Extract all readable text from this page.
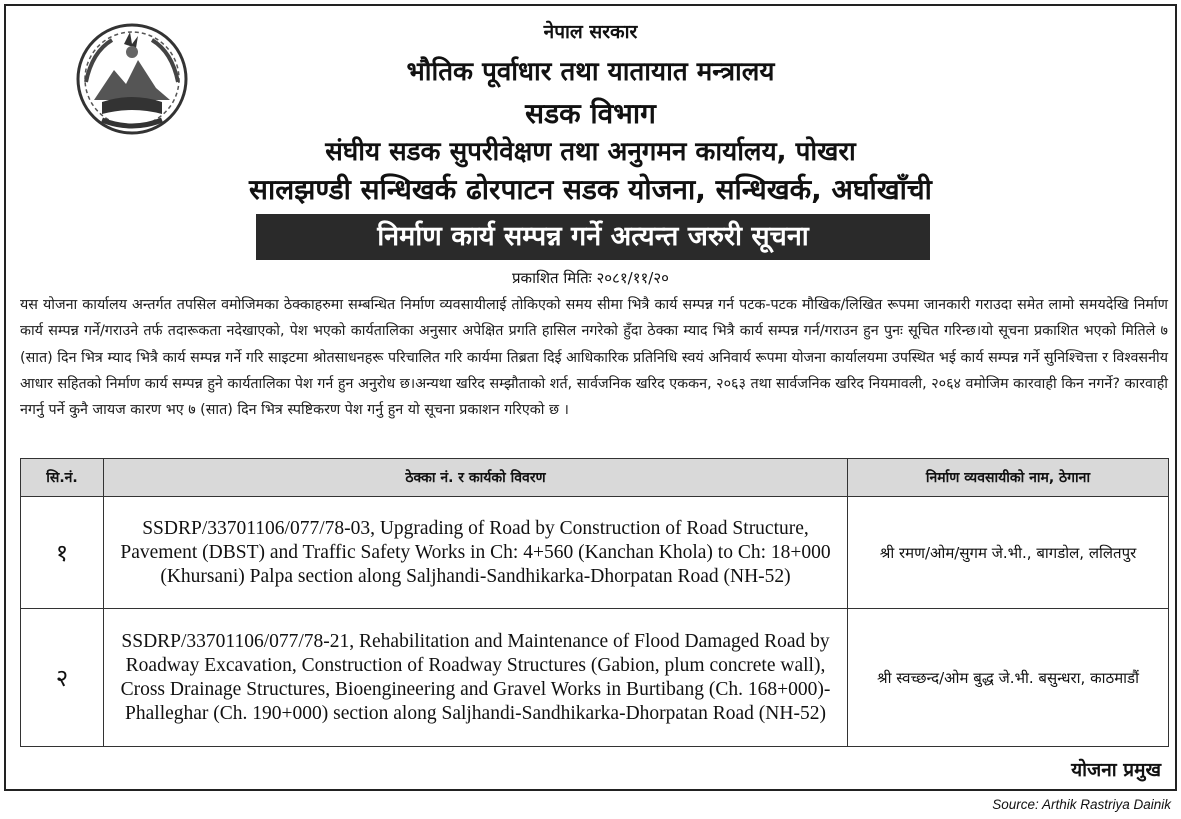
नेपाल सरकार
भौतिक पूर्वाधार तथा यातायात मन्त्रालय
सडक विभाग
संघीय सडक सुपरीवेक्षण तथा अनुगमन कार्यालय, पोखरा
सालझण्डी सन्धिखर्क ढोरपाटन सडक योजना, सन्धिखर्क, अर्घाखाँची
निर्माण कार्य सम्पन्न गर्ने अत्यन्त जरुरी सूचना
प्रकाशित मितिः २०८१/११/२०
यस योजना कार्यालय अन्तर्गत तपसिल वमोजिमका ठेक्काहरुमा सम्बन्धित निर्माण व्यवसायीलाई तोकिएको समय सीमा भित्रै कार्य सम्पन्न गर्न पटक-पटक मौखिक/लिखित रूपमा जानकारी गराउदा समेत लामो समयदेखि निर्माण कार्य सम्पन्न गर्ने/गराउने तर्फ तदारूकता नदेखाएको, पेश भएको कार्यतालिका अनुसार अपेक्षित प्रगति हासिल नगरेको हुँदा ठेक्का म्याद भित्रै कार्य सम्पन्न गर्न/गराउन हुन पुनः सूचित गरिन्छ।यो सूचना प्रकाशित भएको मितिले ७ (सात) दिन भित्र म्याद भित्रै कार्य सम्पन्न गर्ने गरि साइटमा श्रोतसाधनहरू परिचालित गरि कार्यमा तिब्रता दिई आधिकारिक प्रतिनिधि स्वयं अनिवार्य रूपमा योजना कार्यालयमा उपस्थित भई कार्य सम्पन्न गर्ने सुनिश्चित्ता र विश्वसनीय आधार सहितको निर्माण कार्य सम्पन्न हुने कार्यतालिका पेश गर्न हुन अनुरोध छ।अन्यथा खरिद सम्झौताको शर्त, सार्वजनिक खरिद एककन, २०६३ तथा सार्वजनिक खरिद नियमावली, २०६४ वमोजिम कारवाही किन नगर्ने? कारवाही नगर्नु पर्ने कुनै जायज कारण भए ७ (सात) दिन भित्र स्पष्टिकरण पेश गर्नु हुन यो सूचना प्रकाशन गरिएको छ ।
सि.नं.	ठेक्का नं. र कार्यको विवरण	निर्माण व्यवसायीको नाम, ठेगाना
१	SSDRP/33701106/077/78-03, Upgrading of Road by Construction of Road Structure, Pavement (DBST) and Traffic Safety Works in Ch: 4+560 (Kanchan Khola) to Ch: 18+000 (Khursani) Palpa section along Saljhandi-Sandhikarka-Dhorpatan Road (NH-52)	श्री रमण/ओम/सुगम जे.भी., बागडोल, ललितपुर
२	SSDRP/33701106/077/78-21, Rehabilitation and Maintenance of Flood Damaged Road by Roadway Excavation, Construction of Roadway Structures (Gabion, plum concrete wall), Cross Drainage Structures, Bioengineering and Gravel Works in Burtibang (Ch. 168+000)-Phalleghar (Ch. 190+000) section along Saljhandi-Sandhikarka-Dhorpatan Road (NH-52)	श्री स्वच्छन्द/ओम बुद्ध जे.भी. बसुन्धरा, काठमाडौं
योजना प्रमुख
Source: Arthik Rastriya Dainik
